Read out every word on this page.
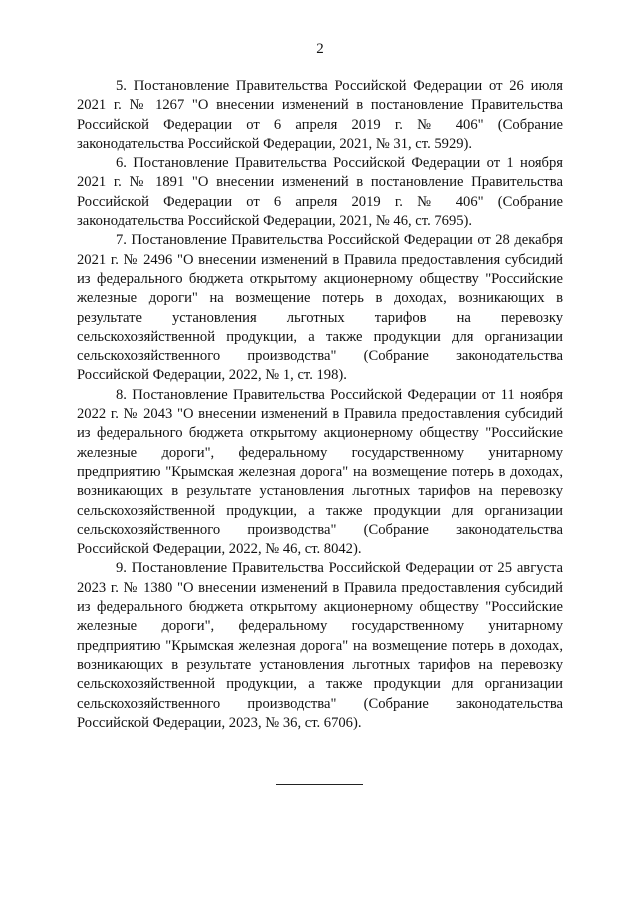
2

5. Постановление Правительства Российской Федерации от 26 июля 2021 г. № 1267 "О внесении изменений в постановление Правительства Российской Федерации от 6 апреля 2019 г. № 406" (Собрание законодательства Российской Федерации, 2021, № 31, ст. 5929).

6. Постановление Правительства Российской Федерации от 1 ноября 2021 г. № 1891 "О внесении изменений в постановление Правительства Российской Федерации от 6 апреля 2019 г. № 406" (Собрание законодательства Российской Федерации, 2021, № 46, ст. 7695).

7. Постановление Правительства Российской Федерации от 28 декабря 2021 г. № 2496 "О внесении изменений в Правила предоставления субсидий из федерального бюджета открытому акционерному обществу "Российские железные дороги" на возмещение потерь в доходах, возникающих в результате установления льготных тарифов на перевозку сельскохозяйственной продукции, а также продукции для организации сельскохозяйственного производства" (Собрание законодательства Российской Федерации, 2022, № 1, ст. 198).

8. Постановление Правительства Российской Федерации от 11 ноября 2022 г. № 2043 "О внесении изменений в Правила предоставления субсидий из федерального бюджета открытому акционерному обществу "Российские железные дороги", федеральному государственному унитарному предприятию "Крымская железная дорога" на возмещение потерь в доходах, возникающих в результате установления льготных тарифов на перевозку сельскохозяйственной продукции, а также продукции для организации сельскохозяйственного производства" (Собрание законодательства Российской Федерации, 2022, № 46, ст. 8042).

9. Постановление Правительства Российской Федерации от 25 августа 2023 г. № 1380 "О внесении изменений в Правила предоставления субсидий из федерального бюджета открытому акционерному обществу "Российские железные дороги", федеральному государственному унитарному предприятию "Крымская железная дорога" на возмещение потерь в доходах, возникающих в результате установления льготных тарифов на перевозку сельскохозяйственной продукции, а также продукции для организации сельскохозяйственного производства" (Собрание законодательства Российской Федерации, 2023, № 36, ст. 6706).
